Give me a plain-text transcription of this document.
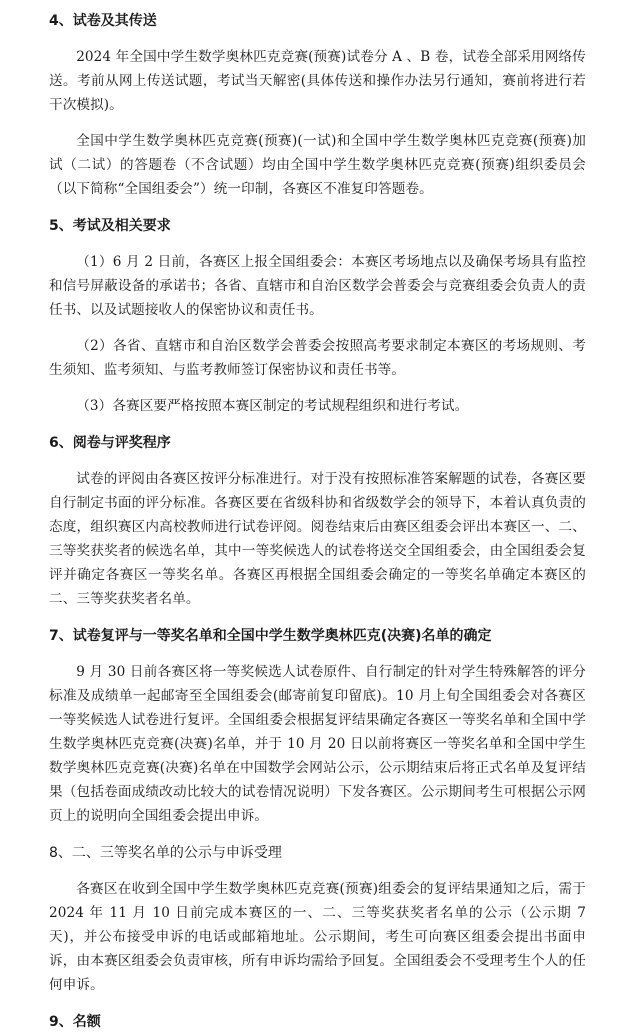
4、试卷及其传送

2024 年全国中学生数学奥林匹克竞赛(预赛)试卷分 A 、B 卷，试卷全部采用网络传送。考前从网上传送试题，考试当天解密(具体传送和操作办法另行通知，赛前将进行若干次模拟)。

全国中学生数学奥林匹克竞赛(预赛)(一试)和全国中学生数学奥林匹克竞赛(预赛)加试（二试）的答题卷（不含试题）均由全国中学生数学奥林匹克竞赛(预赛)组织委员会（以下简称“全国组委会”）统一印制，各赛区不准复印答题卷。

5、考试及相关要求

（1）6 月 2 日前，各赛区上报全国组委会：本赛区考场地点以及确保考场具有监控和信号屏蔽设备的承诺书；各省、直辖市和自治区数学会普委会与竞赛组委会负责人的责任书、以及试题接收人的保密协议和责任书。

（2）各省、直辖市和自治区数学会普委会按照高考要求制定本赛区的考场规则、考生须知、监考须知、与监考教师签订保密协议和责任书等。

（3）各赛区要严格按照本赛区制定的考试规程组织和进行考试。

6、阅卷与评奖程序

试卷的评阅由各赛区按评分标准进行。对于没有按照标准答案解题的试卷，各赛区要自行制定书面的评分标准。各赛区要在省级科协和省级数学会的领导下，本着认真负责的态度，组织赛区内高校教师进行试卷评阅。阅卷结束后由赛区组委会评出本赛区一、二、三等奖获奖者的候选名单，其中一等奖候选人的试卷将送交全国组委会，由全国组委会复评并确定各赛区一等奖名单。各赛区再根据全国组委会确定的一等奖名单确定本赛区的二、三等奖获奖者名单。

7、试卷复评与一等奖名单和全国中学生数学奥林匹克(决赛)名单的确定

9 月 30 日前各赛区将一等奖候选人试卷原件、自行制定的针对学生特殊解答的评分标准及成绩单一起邮寄至全国组委会(邮寄前复印留底)。10 月上旬全国组委会对各赛区一等奖候选人试卷进行复评。全国组委会根据复评结果确定各赛区一等奖名单和全国中学生数学奥林匹克竞赛(决赛)名单，并于 10 月 20 日以前将赛区一等奖名单和全国中学生数学奥林匹克竞赛(决赛)名单在中国数学会网站公示，公示期结束后将正式名单及复评结果（包括卷面成绩改动比较大的试卷情况说明）下发各赛区。公示期间考生可根据公示网页上的说明向全国组委会提出申诉。

8、二、三等奖名单的公示与申诉受理

各赛区在收到全国中学生数学奥林匹克竞赛(预赛)组委会的复评结果通知之后，需于 2024 年 11 月 10 日前完成本赛区的一、二、三等奖获奖者名单的公示（公示期 7 天)，并公布接受申诉的电话或邮箱地址。公示期间，考生可向赛区组委会提出书面申诉，由本赛区组委会负责审核，所有申诉均需给予回复。全国组委会不受理考生个人的任何申诉。

9、名额
